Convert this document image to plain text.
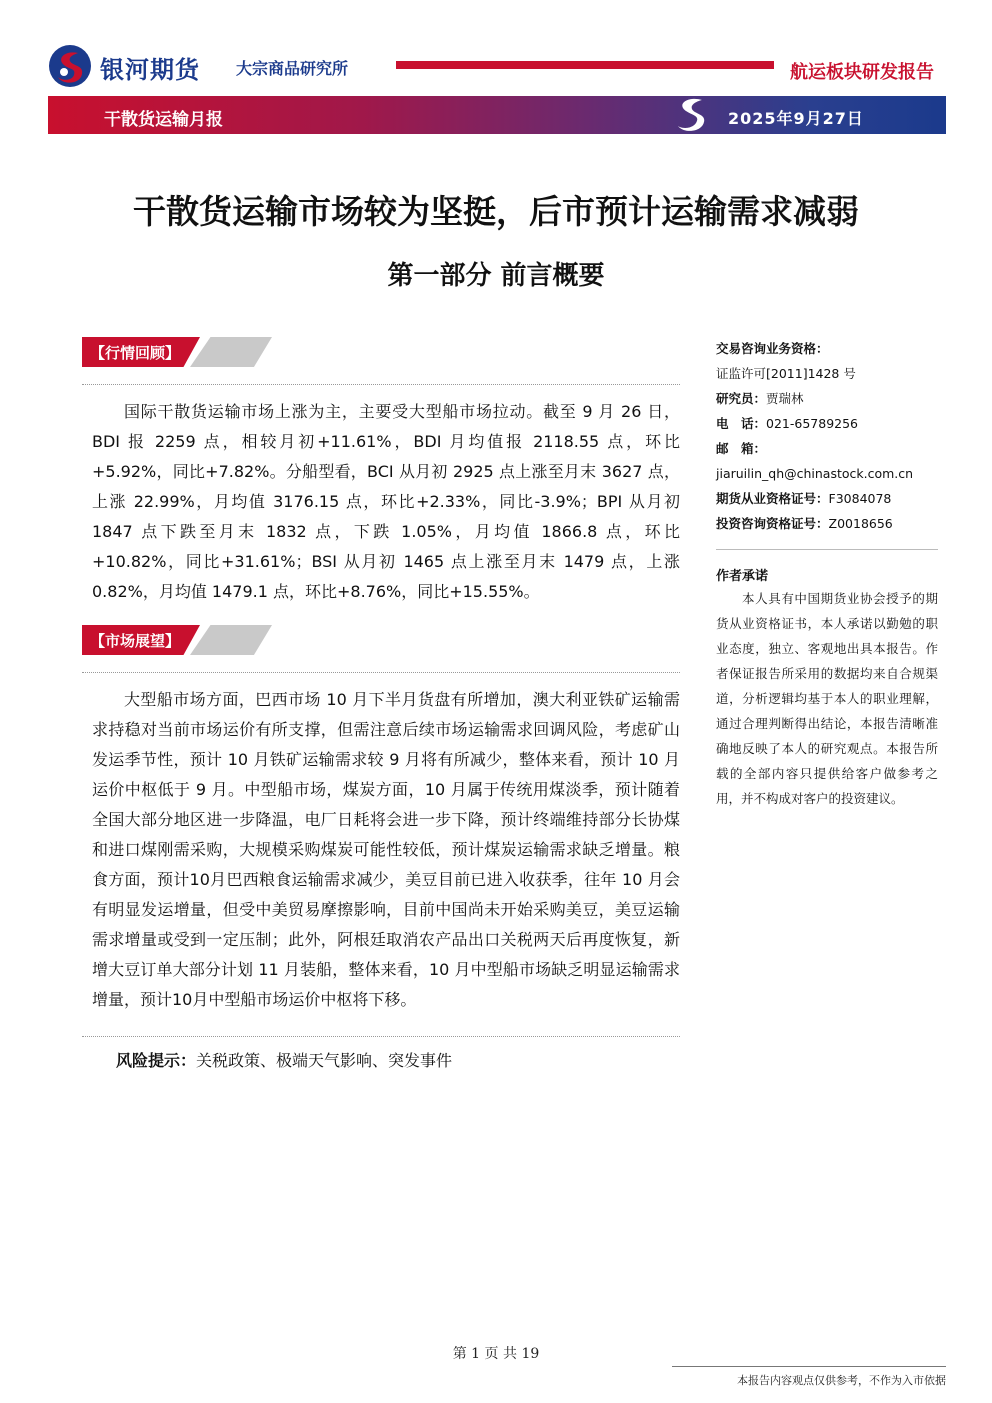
银河期货 大宗商品研究所	航运板块研发报告
干散货运输月报	2025年9月27日
干散货运输市场较为坚挺，后市预计运输需求减弱
第一部分 前言概要
【行情回顾】

国际干散货运输市场上涨为主，主要受大型船市场拉动。截至 9 月 26 日，BDI 报 2259 点，相较月初+11.61%，BDI 月均值报 2118.55 点，环比+5.92%，同比+7.82%。分船型看，BCI 从月初 2925 点上涨至月末 3627 点，上涨 22.99%，月均值 3176.15 点，环比+2.33%，同比-3.9%；BPI 从月初 1847 点下跌至月末 1832 点，下跌 1.05%，月均值 1866.8 点，环比+10.82%，同比+31.61%；BSI 从月初 1465 点上涨至月末 1479 点，上涨 0.82%，月均值 1479.1 点，环比+8.76%，同比+15.55%。

【市场展望】

大型船市场方面，巴西市场 10 月下半月货盘有所增加，澳大利亚铁矿运输需求持稳对当前市场运价有所支撑，但需注意后续市场运输需求回调风险，考虑矿山发运季节性，预计 10 月铁矿运输需求较 9 月将有所减少，整体来看，预计 10 月运价中枢低于 9 月。中型船市场，煤炭方面，10 月属于传统用煤淡季，预计随着全国大部分地区进一步降温，电厂日耗将会进一步下降，预计终端维持部分长协煤和进口煤刚需采购，大规模采购煤炭可能性较低，预计煤炭运输需求缺乏增量。粮食方面，预计10月巴西粮食运输需求减少，美豆目前已进入收获季，往年 10 月会有明显发运增量，但受中美贸易摩擦影响，目前中国尚未开始采购美豆，美豆运输需求增量或受到一定压制；此外，阿根廷取消农产品出口关税两天后再度恢复，新增大豆订单大部分计划 11 月装船，整体来看，10 月中型船市场缺乏明显运输需求增量，预计10月中型船市场运价中枢将下移。

风险提示：关税政策、极端天气影响、突发事件
交易咨询业务资格：
证监许可[2011]1428 号
研究员：贾瑞林
电　话：021-65789256
邮　箱：
jiaruilin_qh@chinastock.com.cn
期货从业资格证号：F3084078
投资咨询资格证号：Z0018656
作者承诺

本人具有中国期货业协会授予的期货从业资格证书，本人承诺以勤勉的职业态度，独立、客观地出具本报告。作者保证报告所采用的数据均来自合规渠道，分析逻辑均基于本人的职业理解，通过合理判断得出结论，本报告清晰准确地反映了本人的研究观点。本报告所载的全部内容只提供给客户做参考之用，并不构成对客户的投资建议。

第 1 页 共 19
本报告内容观点仅供参考，不作为入市依据
